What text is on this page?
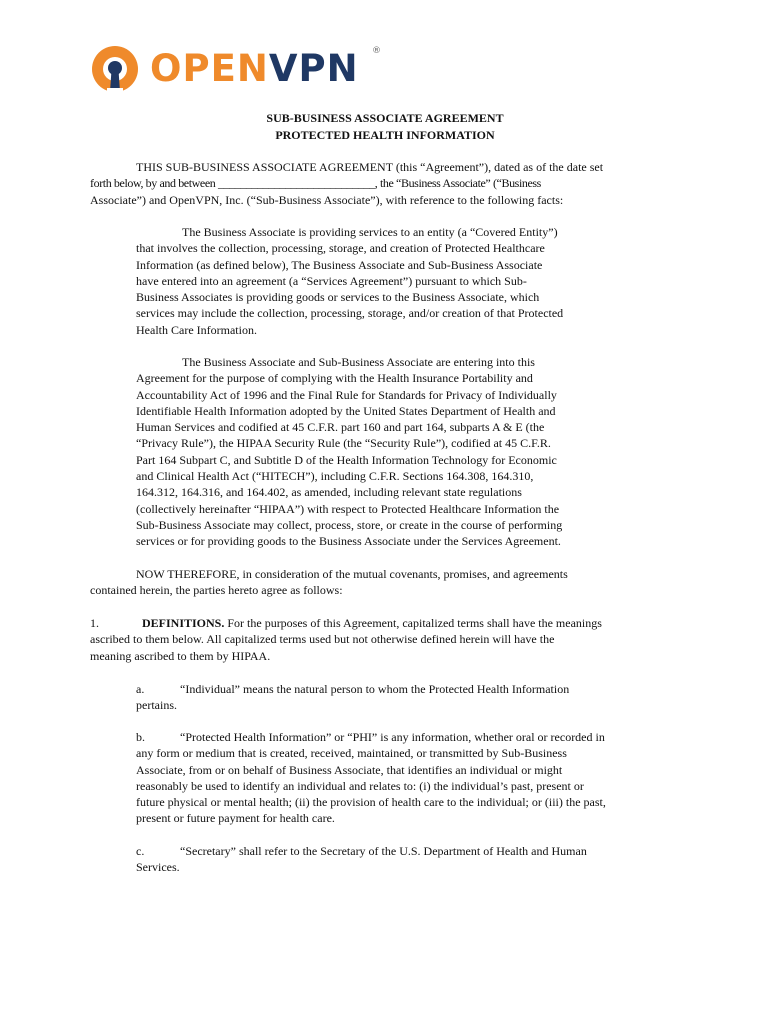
OPENVPN ®
SUB-BUSINESS ASSOCIATE AGREEMENT
PROTECTED HEALTH INFORMATION

THIS SUB-BUSINESS ASSOCIATE AGREEMENT (this “Agreement”), dated as of the date set

forth below, by and between ____________________________, the “Business Associate” (“Business

Associate”) and OpenVPN, Inc. (“Sub-Business Associate”), with reference to the following facts:

The Business Associate is providing services to an entity (a “Covered Entity”)

that involves the collection, processing, storage, and creation of Protected Healthcare

Information (as defined below), The Business Associate and Sub-Business Associate

have entered into an agreement (a “Services Agreement”) pursuant to which Sub-

Business Associates is providing goods or services to the Business Associate, which

services may include the collection, processing, storage, and/or creation of that Protected

Health Care Information.

The Business Associate and Sub-Business Associate are entering into this

Agreement for the purpose of complying with the Health Insurance Portability and

Accountability Act of 1996 and the Final Rule for Standards for Privacy of Individually

Identifiable Health Information adopted by the United States Department of Health and

Human Services and codified at 45 C.F.R. part 160 and part 164, subparts A & E (the

“Privacy Rule”), the HIPAA Security Rule (the “Security Rule”), codified at 45 C.F.R.

Part 164 Subpart C, and Subtitle D of the Health Information Technology for Economic

and Clinical Health Act (“HITECH”), including C.F.R. Sections 164.308, 164.310,

164.312, 164.316, and 164.402, as amended, including relevant state regulations

(collectively hereinafter “HIPAA”) with respect to Protected Healthcare Information the

Sub-Business Associate may collect, process, store, or create in the course of performing

services or for providing goods to the Business Associate under the Services Agreement.

NOW THEREFORE, in consideration of the mutual covenants, promises, and agreements

contained herein, the parties hereto agree as follows:

1.	DEFINITIONS. For the purposes of this Agreement, capitalized terms shall have the meanings

ascribed to them below. All capitalized terms used but not otherwise defined herein will have the

meaning ascribed to them by HIPAA.

a.	“Individual” means the natural person to whom the Protected Health Information

pertains.

b.	“Protected Health Information” or “PHI” is any information, whether oral or recorded in

any form or medium that is created, received, maintained, or transmitted by Sub-Business

Associate, from or on behalf of Business Associate, that identifies an individual or might

reasonably be used to identify an individual and relates to: (i) the individual’s past, present or

future physical or mental health; (ii) the provision of health care to the individual; or (iii) the past,

present or future payment for health care.

c.	“Secretary” shall refer to the Secretary of the U.S. Department of Health and Human

Services.
